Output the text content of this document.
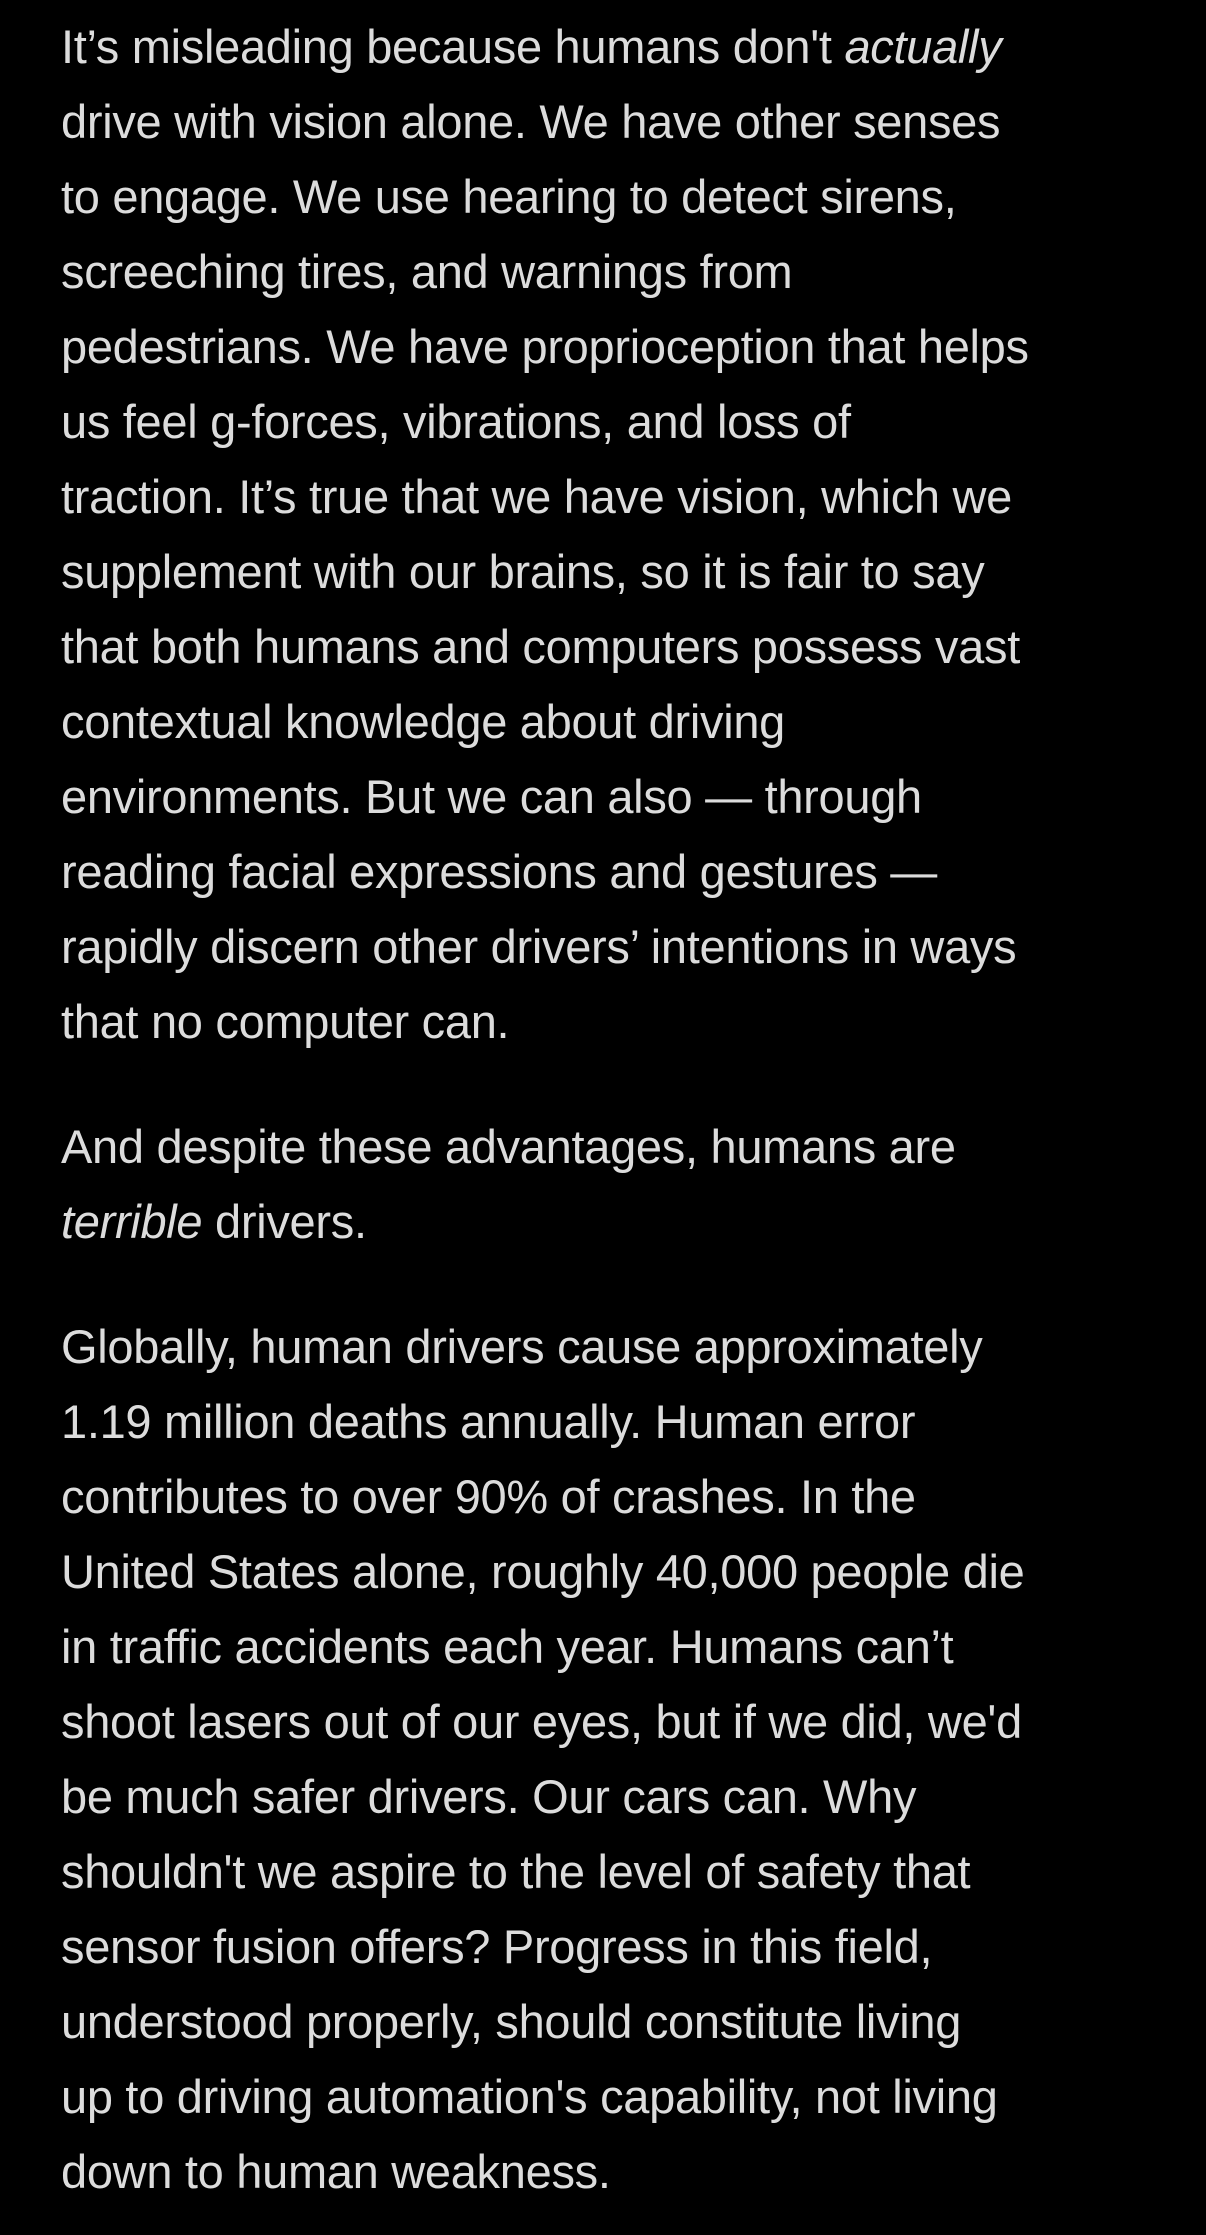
It’s misleading because humans don't actually
drive with vision alone. We have other senses
to engage. We use hearing to detect sirens,
screeching tires, and warnings from
pedestrians. We have proprioception that helps
us feel g-forces, vibrations, and loss of
traction. It’s true that we have vision, which we
supplement with our brains, so it is fair to say
that both humans and computers possess vast
contextual knowledge about driving
environments. But we can also — through
reading facial expressions and gestures —
rapidly discern other drivers’ intentions in ways
that no computer can.

And despite these advantages, humans are
terrible drivers.

Globally, human drivers cause approximately
1.19 million deaths annually. Human error
contributes to over 90% of crashes. In the
United States alone, roughly 40,000 people die
in traffic accidents each year. Humans can’t
shoot lasers out of our eyes, but if we did, we'd
be much safer drivers. Our cars can. Why
shouldn't we aspire to the level of safety that
sensor fusion offers? Progress in this field,
understood properly, should constitute living
up to driving automation's capability, not living
down to human weakness.
